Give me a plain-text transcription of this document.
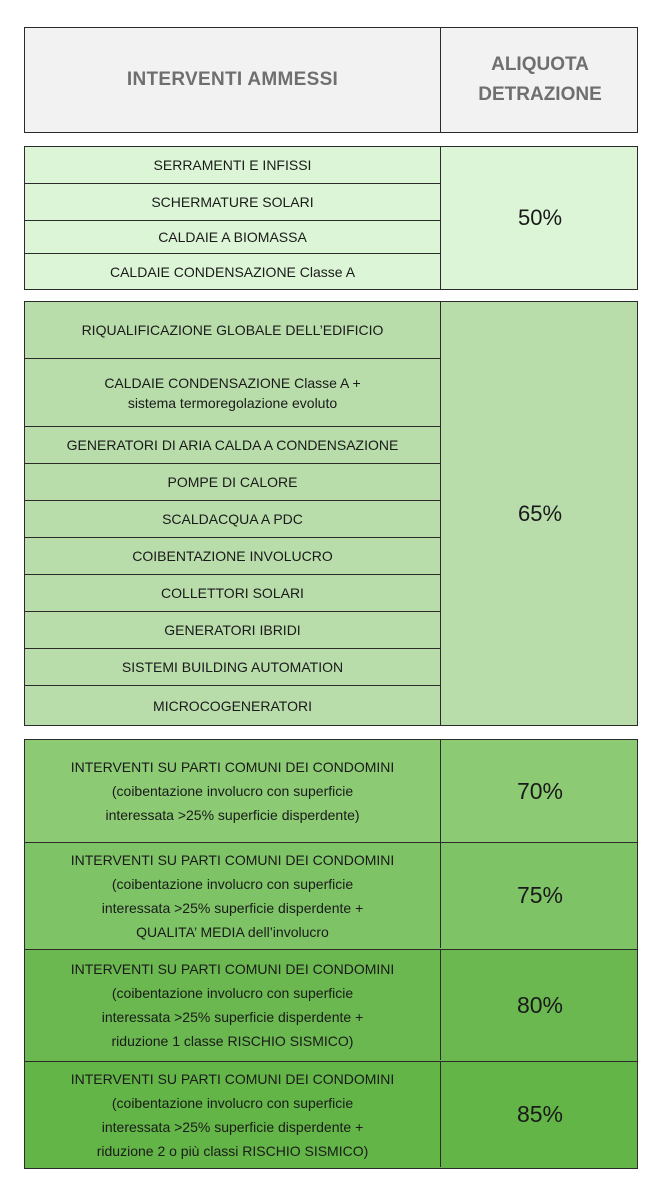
INTERVENTI AMMESSI
ALIQUOTA
DETRAZIONE
SERRAMENTI E INFISSI
SCHERMATURE SOLARI
CALDAIE A BIOMASSA
CALDAIE CONDENSAZIONE Classe A
50%
RIQUALIFICAZIONE GLOBALE DELL’EDIFICIO
CALDAIE CONDENSAZIONE Classe A +
sistema termoregolazione evoluto
GENERATORI DI ARIA CALDA A CONDENSAZIONE
POMPE DI CALORE
SCALDACQUA A PDC
COIBENTAZIONE INVOLUCRO
COLLETTORI SOLARI
GENERATORI IBRIDI
SISTEMI BUILDING AUTOMATION
MICROCOGENERATORI
65%
INTERVENTI SU PARTI COMUNI DEI CONDOMINI
(coibentazione involucro con superficie
interessata >25% superficie disperdente)
70%
INTERVENTI SU PARTI COMUNI DEI CONDOMINI
(coibentazione involucro con superficie
interessata >25% superficie disperdente +
QUALITA’ MEDIA dell’involucro
75%
INTERVENTI SU PARTI COMUNI DEI CONDOMINI
(coibentazione involucro con superficie
interessata >25% superficie disperdente +
riduzione 1 classe RISCHIO SISMICO)
80%
INTERVENTI SU PARTI COMUNI DEI CONDOMINI
(coibentazione involucro con superficie
interessata >25% superficie disperdente +
riduzione 2 o più classi RISCHIO SISMICO)
85%
